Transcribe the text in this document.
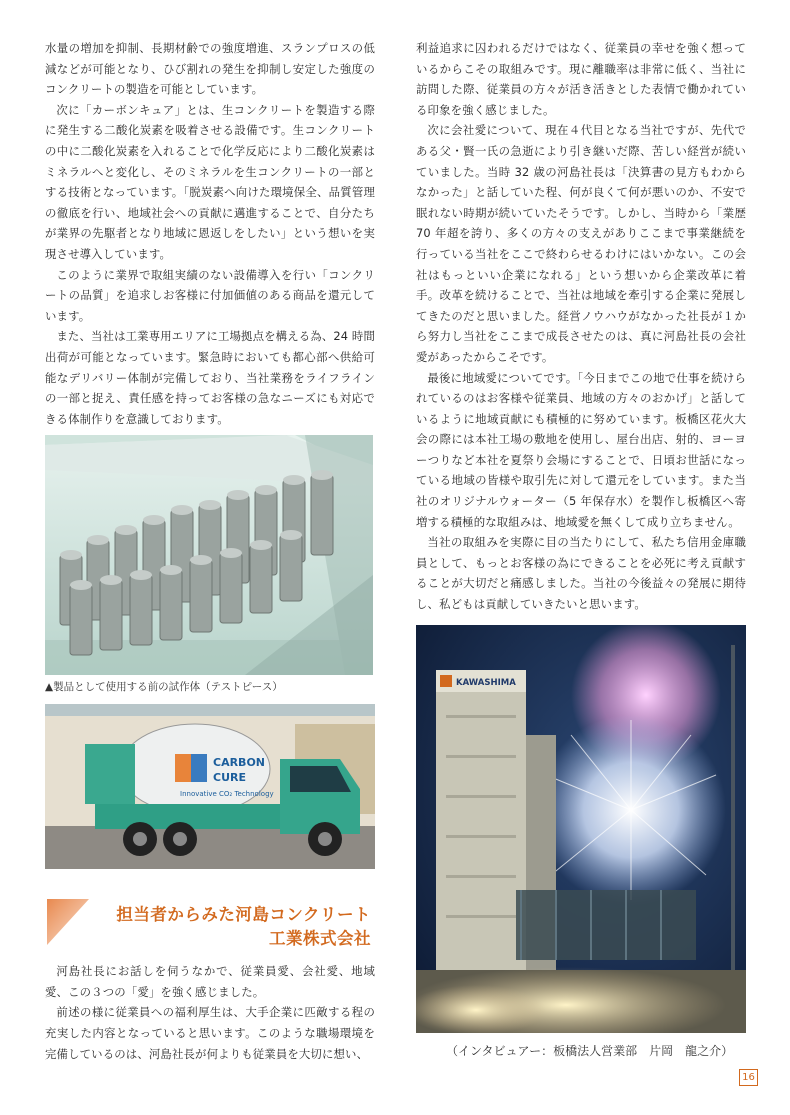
水量の増加を抑制、長期材齢での強度増進、スランプロスの低減などが可能となり、ひび割れの発生を抑制し安定した強度のコンクリートの製造を可能としています。

次に「カーボンキュア」とは、生コンクリートを製造する際に発生する二酸化炭素を吸着させる設備です。生コンクリートの中に二酸化炭素を入れることで化学反応により二酸化炭素はミネラルへと変化し、そのミネラルを生コンクリートの一部とする技術となっています。「脱炭素へ向けた環境保全、品質管理の徹底を行い、地域社会への貢献に邁進することで、自分たちが業界の先駆者となり地域に恩返しをしたい」という想いを実現させ導入しています。

このように業界で取組実績のない設備導入を行い「コンクリートの品質」を追求しお客様に付加価値のある商品を還元しています。

また、当社は工業専用エリアに工場拠点を構える為、24 時間出荷が可能となっています。緊急時においても都心部へ供給可能なデリバリー体制が完備しており、当社業務をライフラインの一部と捉え、責任感を持ってお客様の急なニーズにも対応できる体制作りを意識しております。

▲製品として使用する前の試作体（テストピース）

CARBON
CURE
Innovative CO₂ Technology
担当者からみた河島コンクリート
工業株式会社

河島社長にお話しを伺うなかで、従業員愛、会社愛、地域愛、この３つの「愛」を強く感じました。

前述の様に従業員への福利厚生は、大手企業に匹敵する程の充実した内容となっていると思います。このような職場環境を完備しているのは、河島社長が何よりも従業員を大切に想い、

利益追求に囚われるだけではなく、従業員の幸せを強く想っているからこその取組みです。現に離職率は非常に低く、当社に訪問した際、従業員の方々が活き活きとした表情で働かれている印象を強く感じました。

次に会社愛について、現在４代目となる当社ですが、先代である父・賢一氏の急逝により引き継いだ際、苦しい経営が続いていました。当時 32 歳の河島社長は「決算書の見方もわからなかった」と話していた程、何が良くて何が悪いのか、不安で眠れない時期が続いていたそうです。しかし、当時から「業歴 70 年超を誇り、多くの方々の支えがありここまで事業継続を行っている当社をここで終わらせるわけにはいかない。この会社はもっといい企業になれる」という想いから企業改革に着手。改革を続けることで、当社は地域を牽引する企業に発展してきたのだと思いました。経営ノウハウがなかった社長が１から努力し当社をここまで成長させたのは、真に河島社長の会社愛があったからこそです。

最後に地域愛についてです。「今日までこの地で仕事を続けられているのはお客様や従業員、地域の方々のおかげ」と話しているように地域貢献にも積極的に努めています。板橋区花火大会の際には本社工場の敷地を使用し、屋台出店、射的、ヨーヨーつりなど本社を夏祭り会場にすることで、日頃お世話になっている地域の皆様や取引先に対して還元をしています。また当社のオリジナルウォーター（5 年保存水）を製作し板橋区へ寄増する積極的な取組みは、地域愛を無くして成り立ちません。

当社の取組みを実際に目の当たりにして、私たち信用金庫職員として、もっとお客様の為にできることを必死に考え貢献することが大切だと痛感しました。当社の今後益々の発展に期待し、私どもは貢献していきたいと思います。

KAWASHIMA
（インタビュアー：板橋法人営業部　片岡　龍之介）
16
